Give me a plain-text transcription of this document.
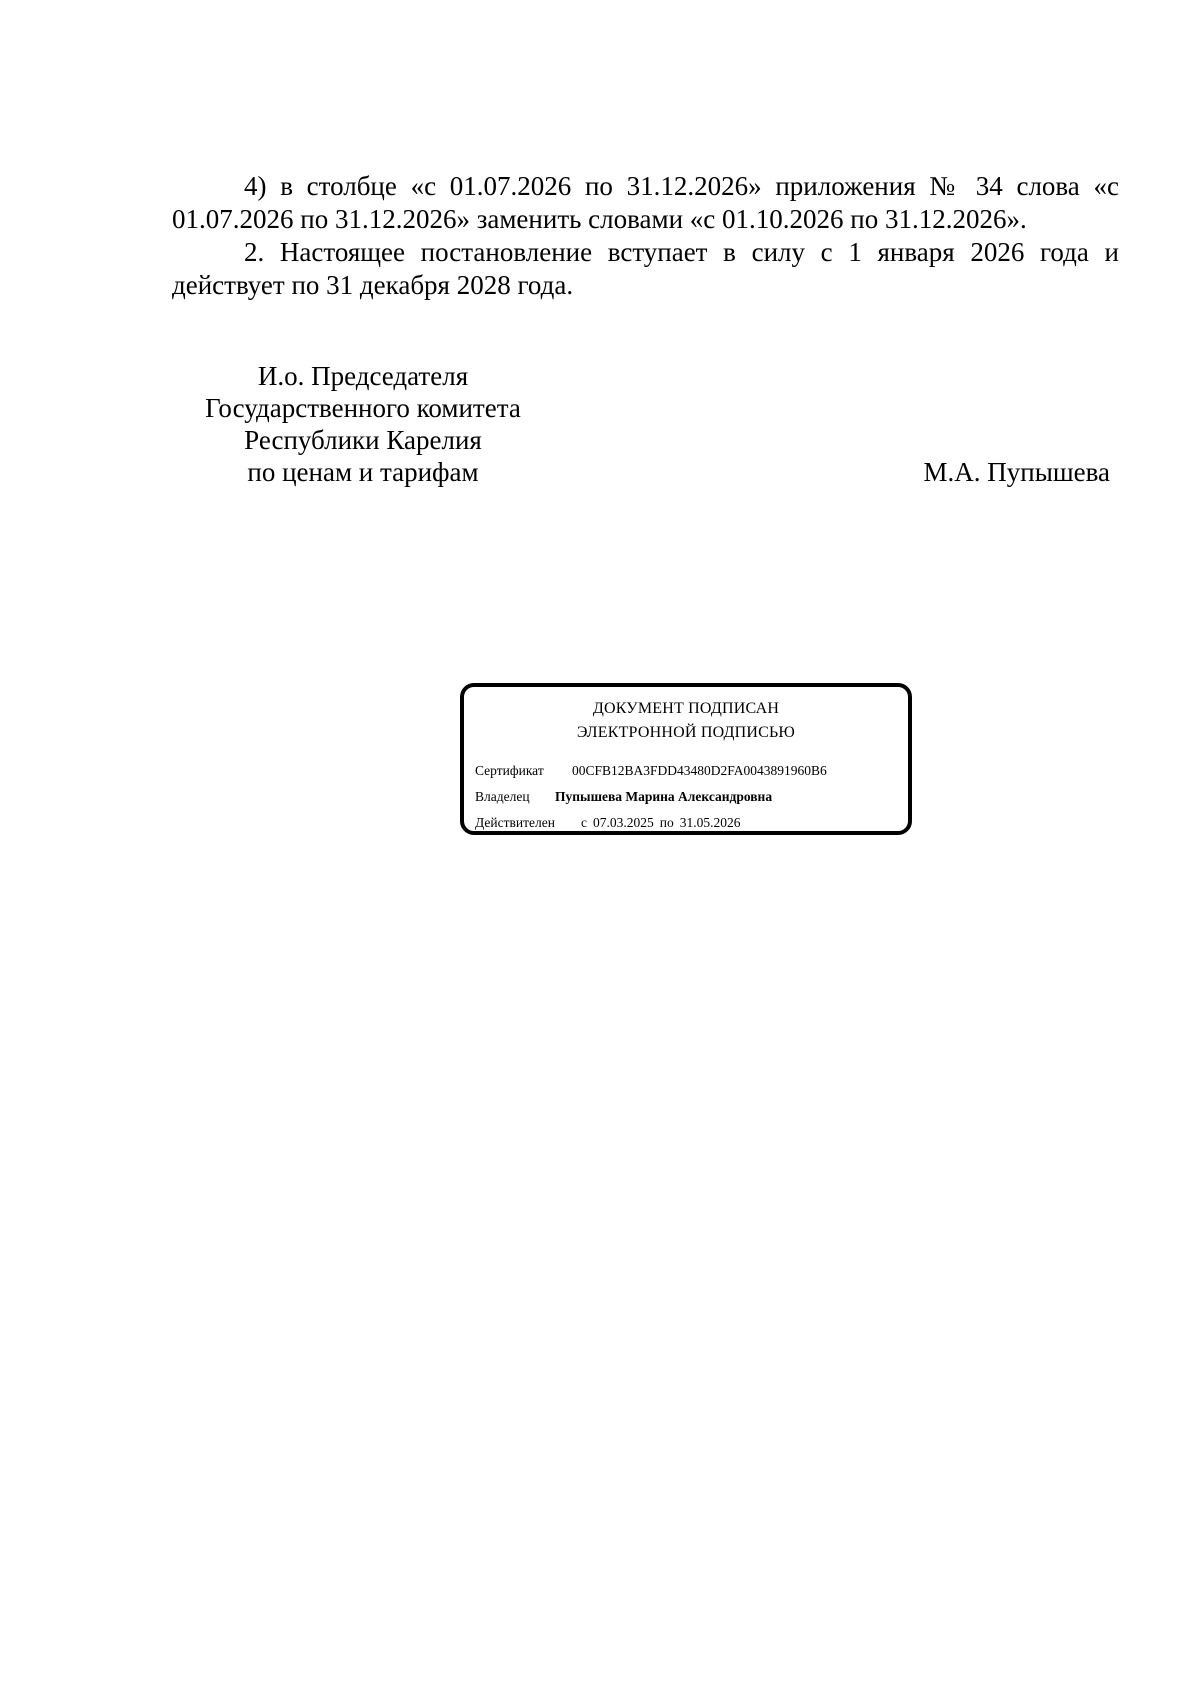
4) в столбце «с 01.07.2026 по 31.12.2026» приложения № 34 слова «с 01.07.2026 по 31.12.2026» заменить словами «с 01.10.2026 по 31.12.2026».

2. Настоящее постановление вступает в силу с 1 января 2026 года и действует по 31 декабря 2028 года.

И.о. Председателя
Государственного комитета
Республики Карелия
по ценам и тарифам	М.А. Пупышева
ДОКУМЕНТ ПОДПИСАН
ЭЛЕКТРОННОЙ ПОДПИСЬЮ
Сертификат 00CFB12BA3FDD43480D2FA0043891960B6
Владелец Пупышева Марина Александровна
Действителен с 07.03.2025 по 31.05.2026
